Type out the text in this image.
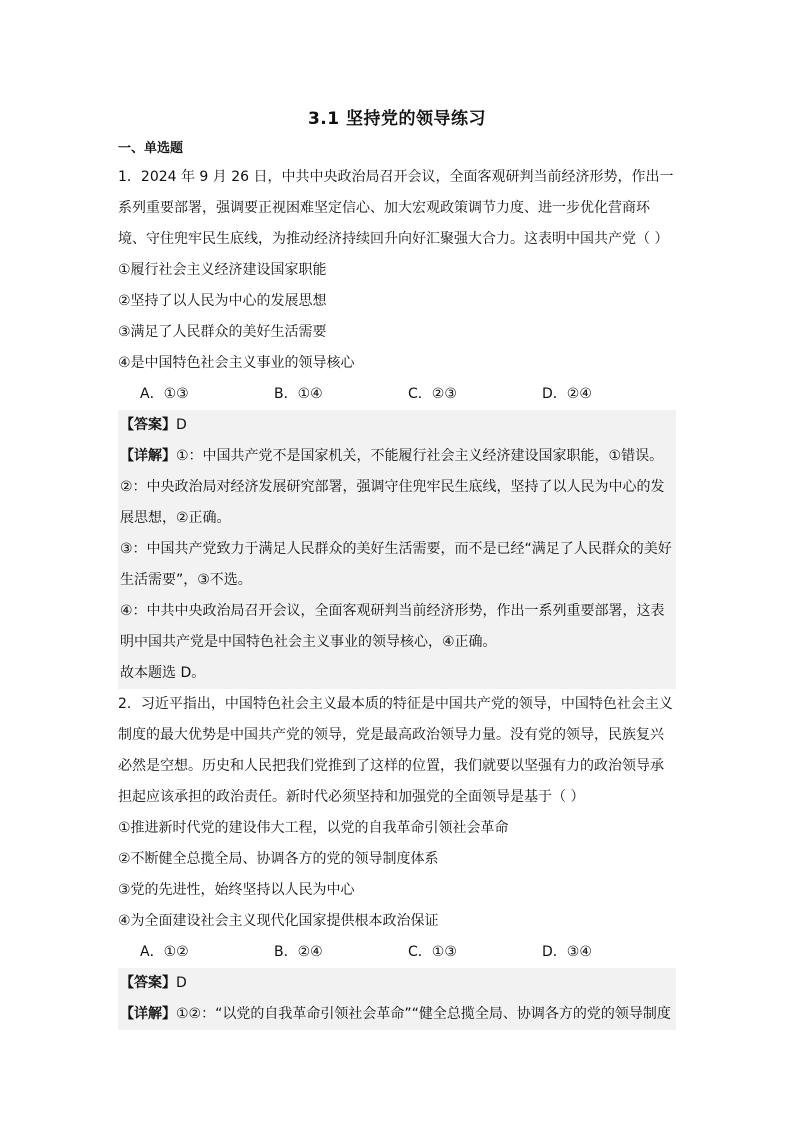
3.1 坚持党的领导练习
一、单选题

1．2024 年 9 月 26 日，中共中央政治局召开会议，全面客观研判当前经济形势，作出一系列重要部署，强调要正视困难坚定信心、加大宏观政策调节力度、进一步优化营商环境、守住兜牢民生底线，为推动经济持续回升向好汇聚强大合力。这表明中国共产党（ ）

①履行社会主义经济建设国家职能

②坚持了以人民为中心的发展思想

③满足了人民群众的美好生活需要

④是中国特色社会主义事业的领导核心

A．①③	B．①④	C．②③	D．②④

【答案】D

【详解】①：中国共产党不是国家机关，不能履行社会主义经济建设国家职能，①错误。

②：中央政治局对经济发展研究部署，强调守住兜牢民生底线，坚持了以人民为中心的发展思想，②正确。

③：中国共产党致力于满足人民群众的美好生活需要，而不是已经“满足了人民群众的美好生活需要”，③不选。

④：中共中央政治局召开会议，全面客观研判当前经济形势，作出一系列重要部署，这表明中国共产党是中国特色社会主义事业的领导核心，④正确。

故本题选 D。

2．习近平指出，中国特色社会主义最本质的特征是中国共产党的领导，中国特色社会主义制度的最大优势是中国共产党的领导，党是最高政治领导力量。没有党的领导，民族复兴必然是空想。历史和人民把我们党推到了这样的位置，我们就要以坚强有力的政治领导承担起应该承担的政治责任。新时代必须坚持和加强党的全面领导是基于（ ）

①推进新时代党的建设伟大工程，以党的自我革命引领社会革命

②不断健全总揽全局、协调各方的党的领导制度体系

③党的先进性，始终坚持以人民为中心

④为全面建设社会主义现代化国家提供根本政治保证

A．①②	B．②④	C．①③	D．③④

【答案】D

【详解】①②：“以党的自我革命引领社会革命”“健全总揽全局、协调各方的党的领导制度
